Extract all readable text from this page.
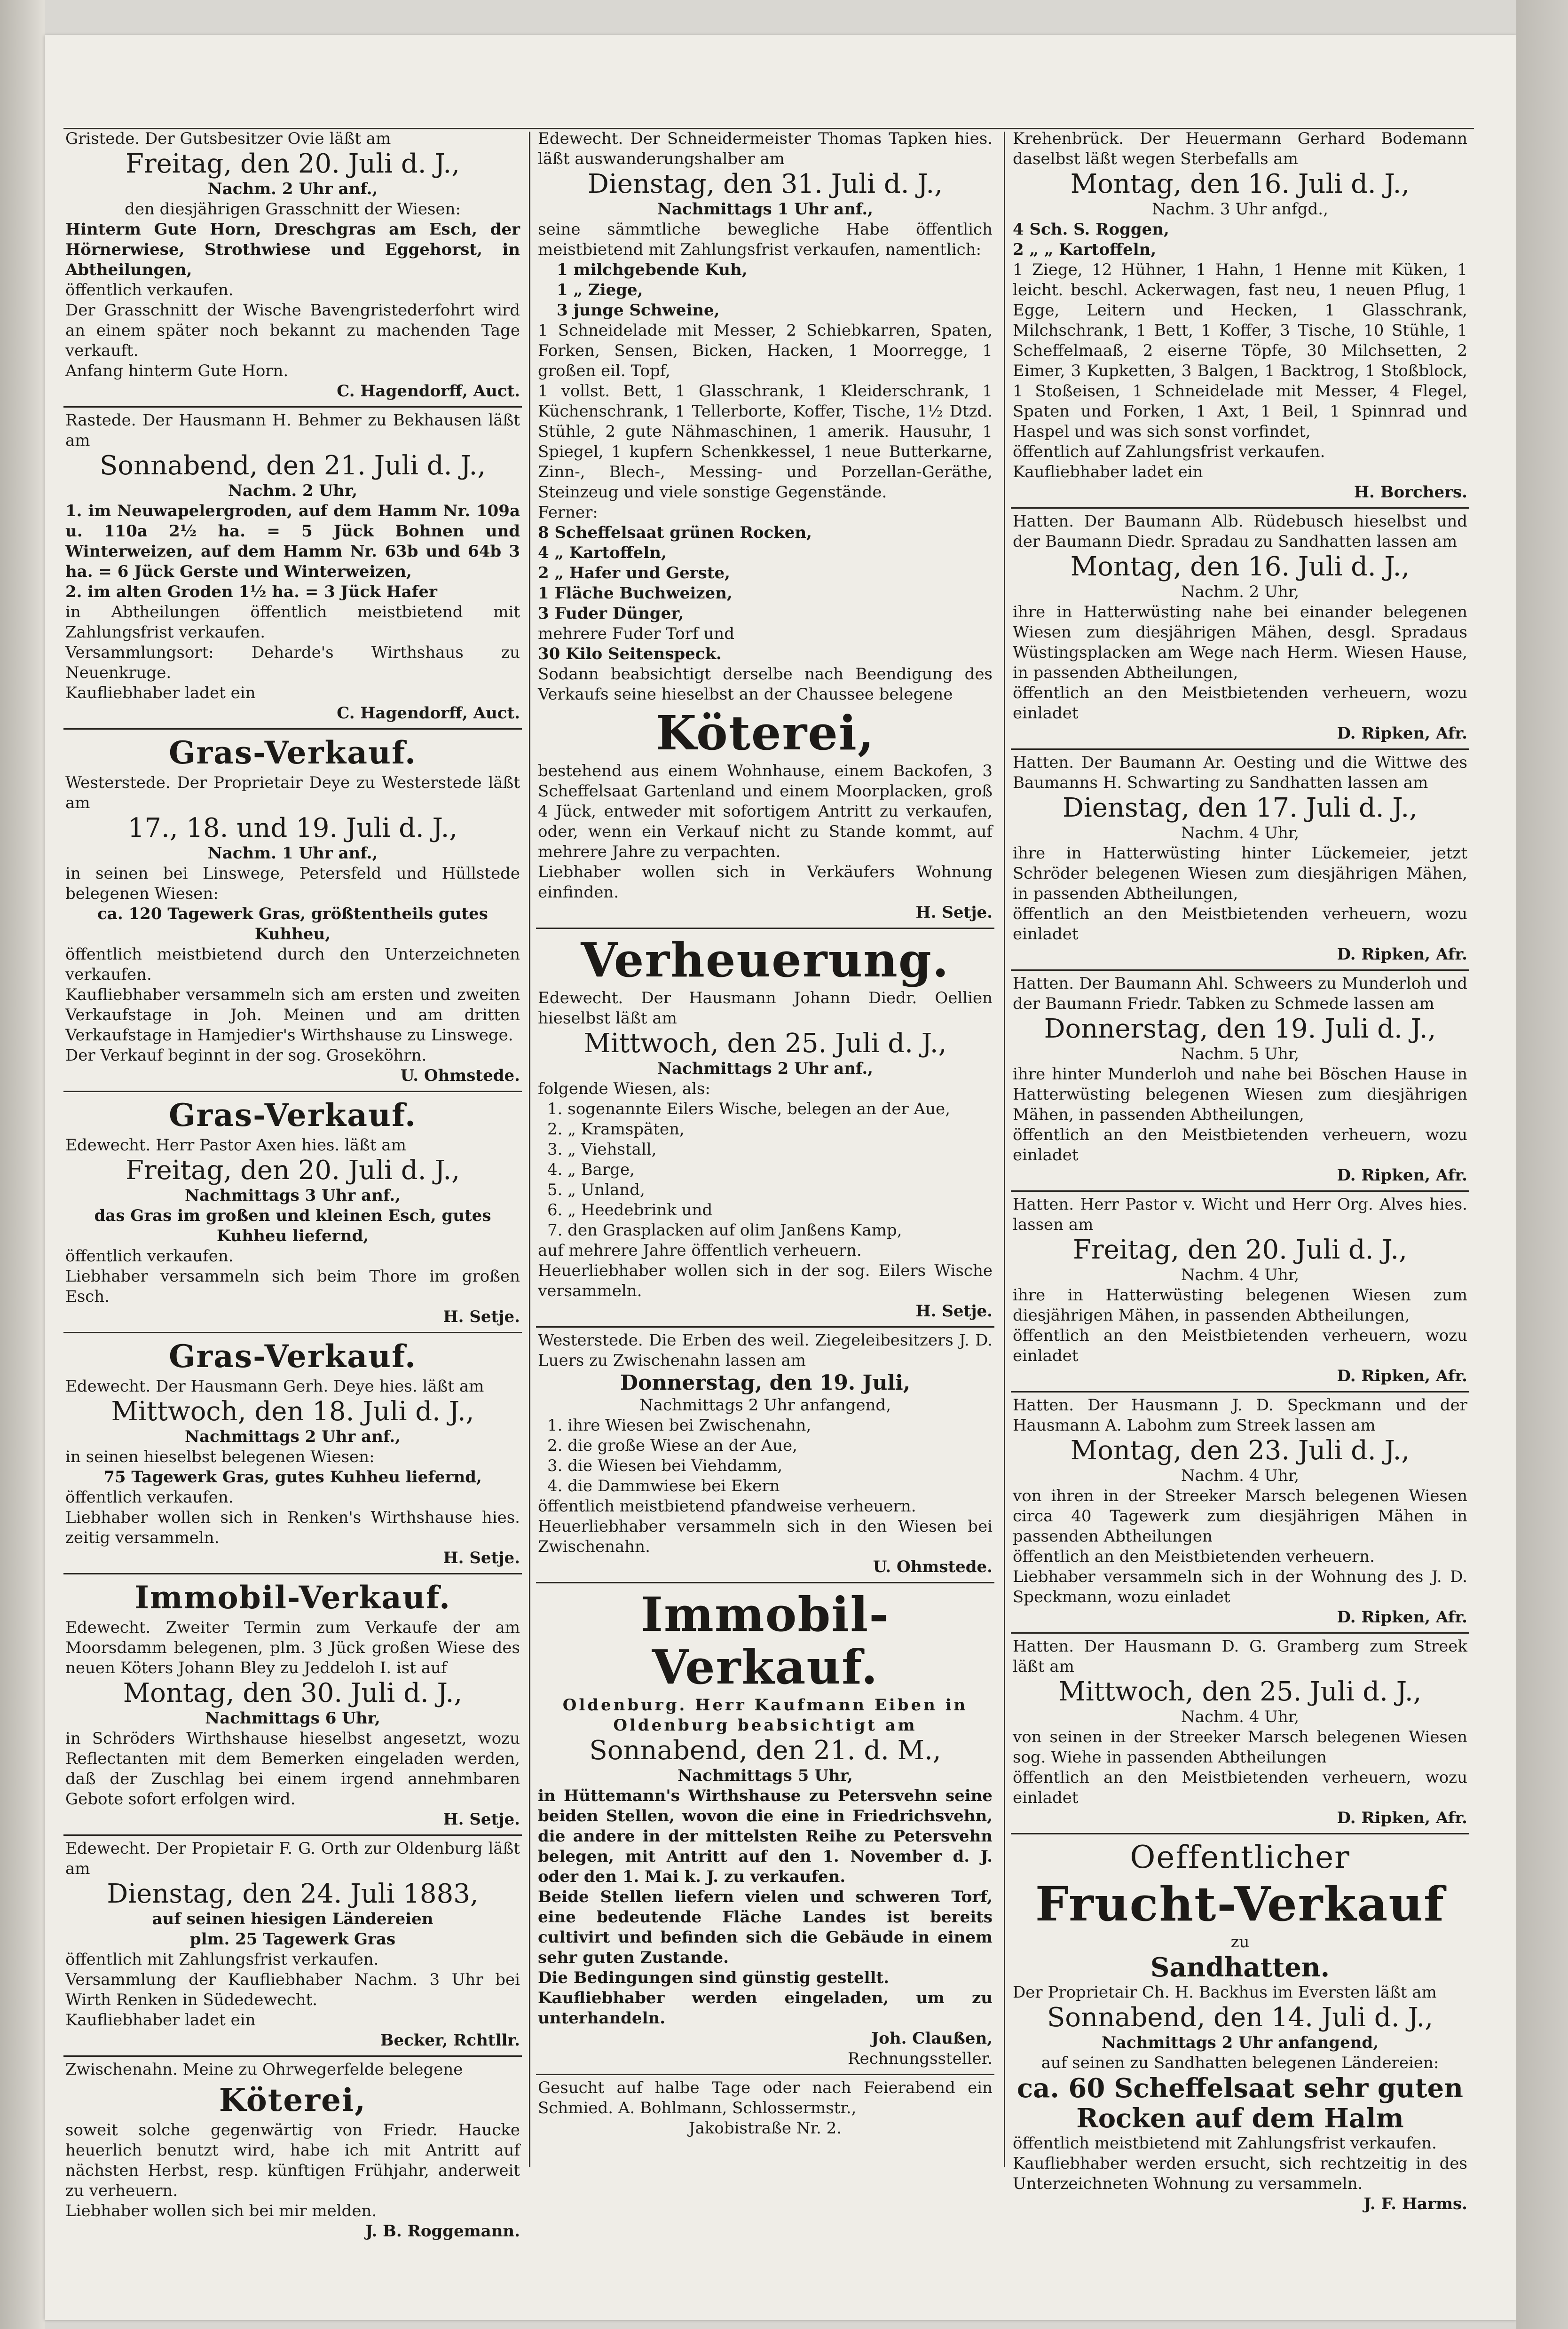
Gristede. Der Gutsbesitzer Ovie läßt am

Freitag, den 20. Juli d. J.,

Nachm. 2 Uhr anf.,

den diesjährigen Grasschnitt der Wiesen:

Hinterm Gute Horn, Dreschgras am Esch, der Hörnerwiese, Strothwiese und Eggehorst, in Abtheilungen,

öffentlich verkaufen.

Der Grasschnitt der Wische Bavengristederfohrt wird an einem später noch bekannt zu machenden Tage verkauft.

Anfang hinterm Gute Horn.

C. Hagendorff, Auct.

Rastede. Der Hausmann H. Behmer zu Bekhausen läßt am

Sonnabend, den 21. Juli d. J.,

Nachm. 2 Uhr,

1. im Neuwapelergroden, auf dem Hamm Nr. 109a u. 110a 2½ ha. = 5 Jück Bohnen und Winterweizen, auf dem Hamm Nr. 63b und 64b 3 ha. = 6 Jück Gerste und Winterweizen,

2. im alten Groden 1½ ha. = 3 Jück Hafer

in Abtheilungen öffentlich meistbietend mit Zahlungsfrist verkaufen.

Versammlungsort: Deharde's Wirthshaus zu Neuenkruge.

Kaufliebhaber ladet ein

C. Hagendorff, Auct.

Gras-Verkauf.

Westerstede. Der Proprietair Deye zu Westerstede läßt am

17., 18. und 19. Juli d. J.,

Nachm. 1 Uhr anf.,

in seinen bei Linswege, Petersfeld und Hüllstede belegenen Wiesen:

ca. 120 Tagewerk Gras, größtentheils gutes Kuhheu,

öffentlich meistbietend durch den Unterzeichneten verkaufen.

Kaufliebhaber versammeln sich am ersten und zweiten Verkaufstage in Joh. Meinen und am dritten Verkaufstage in Hamjedier's Wirthshause zu Linswege.

Der Verkauf beginnt in der sog. Groseköhrn.

U. Ohmstede.

Gras-Verkauf.

Edewecht. Herr Pastor Axen hies. läßt am

Freitag, den 20. Juli d. J.,

Nachmittags 3 Uhr anf.,

das Gras im großen und kleinen Esch, gutes Kuhheu liefernd,

öffentlich verkaufen.

Liebhaber versammeln sich beim Thore im großen Esch.

H. Setje.

Gras-Verkauf.

Edewecht. Der Hausmann Gerh. Deye hies. läßt am

Mittwoch, den 18. Juli d. J.,

Nachmittags 2 Uhr anf.,

in seinen hieselbst belegenen Wiesen:

75 Tagewerk Gras, gutes Kuhheu liefernd,

öffentlich verkaufen.

Liebhaber wollen sich in Renken's Wirthshause hies. zeitig versammeln.

H. Setje.

Immobil-Verkauf.

Edewecht. Zweiter Termin zum Verkaufe der am Moorsdamm belegenen, plm. 3 Jück großen Wiese des neuen Köters Johann Bley zu Jeddeloh I. ist auf

Montag, den 30. Juli d. J.,

Nachmittags 6 Uhr,

in Schröders Wirthshause hieselbst angesetzt, wozu Reflectanten mit dem Bemerken eingeladen werden, daß der Zuschlag bei einem irgend annehmbaren Gebote sofort erfolgen wird.

H. Setje.

Edewecht. Der Propietair F. G. Orth zur Oldenburg läßt am

Dienstag, den 24. Juli 1883,

auf seinen hiesigen Ländereien

plm. 25 Tagewerk Gras

öffentlich mit Zahlungsfrist verkaufen.

Versammlung der Kaufliebhaber Nachm. 3 Uhr bei Wirth Renken in Südedewecht.

Kaufliebhaber ladet ein

Becker, Rchtllr.

Zwischenahn. Meine zu Ohrwegerfelde belegene

Köterei,

soweit solche gegenwärtig von Friedr. Haucke heuerlich benutzt wird, habe ich mit Antritt auf nächsten Herbst, resp. künftigen Frühjahr, anderweit zu verheuern.

Liebhaber wollen sich bei mir melden.

J. B. Roggemann.

Edewecht. Der Schneidermeister Thomas Tapken hies. läßt auswanderungshalber am

Dienstag, den 31. Juli d. J.,

Nachmittags 1 Uhr anf.,

seine sämmtliche bewegliche Habe öffentlich meistbietend mit Zahlungsfrist verkaufen, namentlich:

1 milchgebende Kuh,

1 „ Ziege,

3 junge Schweine,

1 Schneidelade mit Messer, 2 Schiebkarren, Spaten, Forken, Sensen, Bicken, Hacken, 1 Moorregge, 1 großen eil. Topf,

1 vollst. Bett, 1 Glasschrank, 1 Kleiderschrank, 1 Küchenschrank, 1 Tellerborte, Koffer, Tische, 1½ Dtzd. Stühle, 2 gute Nähmaschinen, 1 amerik. Hausuhr, 1 Spiegel, 1 kupfern Schenkkessel, 1 neue Butterkarne, Zinn-, Blech-, Messing- und Porzellan-Geräthe, Steinzeug und viele sonstige Gegenstände.

Ferner:

8 Scheffelsaat grünen Rocken,

4 „ Kartoffeln,

2 „ Hafer und Gerste,

1 Fläche Buchweizen,

3 Fuder Dünger,

mehrere Fuder Torf und

30 Kilo Seitenspeck.

Sodann beabsichtigt derselbe nach Beendigung des Verkaufs seine hieselbst an der Chaussee belegene

Köterei,

bestehend aus einem Wohnhause, einem Backofen, 3 Scheffelsaat Gartenland und einem Moorplacken, groß 4 Jück, entweder mit sofortigem Antritt zu verkaufen, oder, wenn ein Verkauf nicht zu Stande kommt, auf mehrere Jahre zu verpachten.

Liebhaber wollen sich in Verkäufers Wohnung einfinden.

H. Setje.

Verheuerung.

Edewecht. Der Hausmann Johann Diedr. Oellien hieselbst läßt am

Mittwoch, den 25. Juli d. J.,

Nachmittags 2 Uhr anf.,

folgende Wiesen, als:

1. sogenannte Eilers Wische, belegen an der Aue,

2. „ Kramspäten,

3. „ Viehstall,

4. „ Barge,

5. „ Unland,

6. „ Heedebrink und

7. den Grasplacken auf olim Janßens Kamp,

auf mehrere Jahre öffentlich verheuern.

Heuerliebhaber wollen sich in der sog. Eilers Wische versammeln.

H. Setje.

Westerstede. Die Erben des weil. Ziegeleibesitzers J. D. Luers zu Zwischenahn lassen am

Donnerstag, den 19. Juli,

Nachmittags 2 Uhr anfangend,

1. ihre Wiesen bei Zwischenahn,

2. die große Wiese an der Aue,

3. die Wiesen bei Viehdamm,

4. die Dammwiese bei Ekern

öffentlich meistbietend pfandweise verheuern.

Heuerliebhaber versammeln sich in den Wiesen bei Zwischenahn.

U. Ohmstede.

Immobil-Verkauf.

Oldenburg. Herr Kaufmann Eiben in Oldenburg beabsichtigt am

Sonnabend, den 21. d. M.,

Nachmittags 5 Uhr,

in Hüttemann's Wirthshause zu Petersvehn seine beiden Stellen, wovon die eine in Friedrichsvehn, die andere in der mittelsten Reihe zu Petersvehn belegen, mit Antritt auf den 1. November d. J. oder den 1. Mai k. J. zu verkaufen.

Beide Stellen liefern vielen und schweren Torf, eine bedeutende Fläche Landes ist bereits cultivirt und befinden sich die Gebäude in einem sehr guten Zustande.

Die Bedingungen sind günstig gestellt.

Kaufliebhaber werden eingeladen, um zu unterhandeln.

Joh. Claußen,

Rechnungssteller.

Gesucht auf halbe Tage oder nach Feierabend ein Schmied. A. Bohlmann, Schlossermstr.,

Jakobistraße Nr. 2.

Krehenbrück. Der Heuermann Gerhard Bodemann daselbst läßt wegen Sterbefalls am

Montag, den 16. Juli d. J.,

Nachm. 3 Uhr anfgd.,

4 Sch. S. Roggen,

2 „ „ Kartoffeln,

1 Ziege, 12 Hühner, 1 Hahn, 1 Henne mit Küken, 1 leicht. beschl. Ackerwagen, fast neu, 1 neuen Pflug, 1 Egge, Leitern und Hecken, 1 Glasschrank, Milchschrank, 1 Bett, 1 Koffer, 3 Tische, 10 Stühle, 1 Scheffelmaaß, 2 eiserne Töpfe, 30 Milchsetten, 2 Eimer, 3 Kupketten, 3 Balgen, 1 Backtrog, 1 Stoßblock, 1 Stoßeisen, 1 Schneidelade mit Messer, 4 Flegel, Spaten und Forken, 1 Axt, 1 Beil, 1 Spinnrad und Haspel und was sich sonst vorfindet,

öffentlich auf Zahlungsfrist verkaufen.

Kaufliebhaber ladet ein

H. Borchers.

Hatten. Der Baumann Alb. Rüdebusch hieselbst und der Baumann Diedr. Spradau zu Sandhatten lassen am

Montag, den 16. Juli d. J.,

Nachm. 2 Uhr,

ihre in Hatterwüsting nahe bei einander belegenen Wiesen zum diesjährigen Mähen, desgl. Spradaus Wüstingsplacken am Wege nach Herm. Wiesen Hause, in passenden Abtheilungen,

öffentlich an den Meistbietenden verheuern, wozu einladet

D. Ripken, Afr.

Hatten. Der Baumann Ar. Oesting und die Wittwe des Baumanns H. Schwarting zu Sandhatten lassen am

Dienstag, den 17. Juli d. J.,

Nachm. 4 Uhr,

ihre in Hatterwüsting hinter Lückemeier, jetzt Schröder belegenen Wiesen zum diesjährigen Mähen, in passenden Abtheilungen,

öffentlich an den Meistbietenden verheuern, wozu einladet

D. Ripken, Afr.

Hatten. Der Baumann Ahl. Schweers zu Munderloh und der Baumann Friedr. Tabken zu Schmede lassen am

Donnerstag, den 19. Juli d. J.,

Nachm. 5 Uhr,

ihre hinter Munderloh und nahe bei Böschen Hause in Hatterwüsting belegenen Wiesen zum diesjährigen Mähen, in passenden Abtheilungen,

öffentlich an den Meistbietenden verheuern, wozu einladet

D. Ripken, Afr.

Hatten. Herr Pastor v. Wicht und Herr Org. Alves hies. lassen am

Freitag, den 20. Juli d. J.,

Nachm. 4 Uhr,

ihre in Hatterwüsting belegenen Wiesen zum diesjährigen Mähen, in passenden Abtheilungen,

öffentlich an den Meistbietenden verheuern, wozu einladet

D. Ripken, Afr.

Hatten. Der Hausmann J. D. Speckmann und der Hausmann A. Labohm zum Streek lassen am

Montag, den 23. Juli d. J.,

Nachm. 4 Uhr,

von ihren in der Streeker Marsch belegenen Wiesen circa 40 Tagewerk zum diesjährigen Mähen in passenden Abtheilungen

öffentlich an den Meistbietenden verheuern.

Liebhaber versammeln sich in der Wohnung des J. D. Speckmann, wozu einladet

D. Ripken, Afr.

Hatten. Der Hausmann D. G. Gramberg zum Streek läßt am

Mittwoch, den 25. Juli d. J.,

Nachm. 4 Uhr,

von seinen in der Streeker Marsch belegenen Wiesen sog. Wiehe in passenden Abtheilungen

öffentlich an den Meistbietenden verheuern, wozu einladet

D. Ripken, Afr.

Oeffentlicher

Frucht-Verkauf

zu

Sandhatten.

Der Proprietair Ch. H. Backhus im Eversten läßt am

Sonnabend, den 14. Juli d. J.,

Nachmittags 2 Uhr anfangend,

auf seinen zu Sandhatten belegenen Ländereien:

ca. 60 Scheffelsaat sehr guten Rocken auf dem Halm

öffentlich meistbietend mit Zahlungsfrist verkaufen.

Kaufliebhaber werden ersucht, sich rechtzeitig in des Unterzeichneten Wohnung zu versammeln.

J. F. Harms.
